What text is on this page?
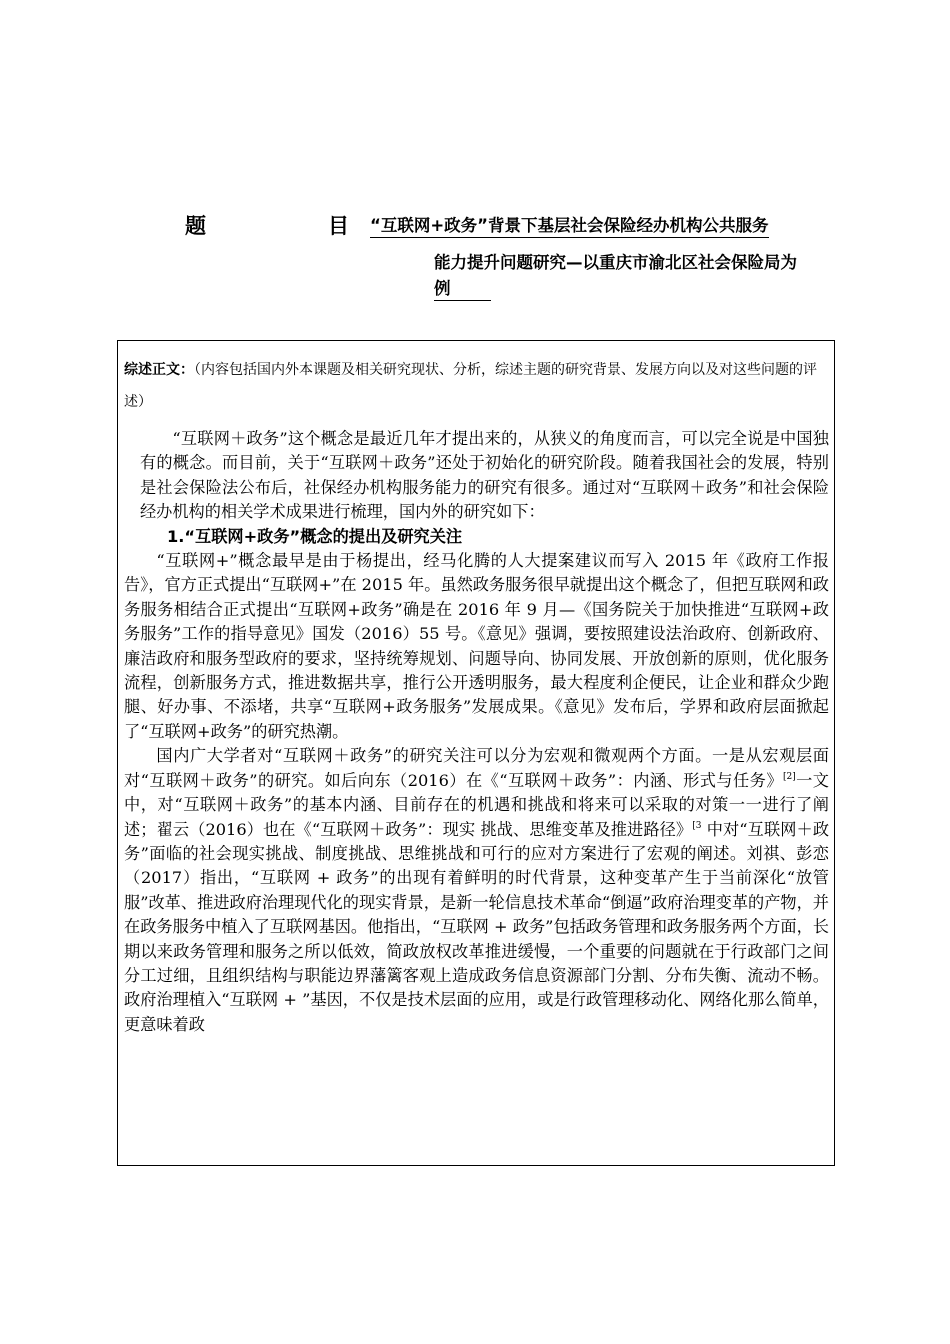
题	目 “互联网+政务”背景下基层社会保险经办机构公共服务
能力提升问题研究—以重庆市渝北区社会保险局为
例
综述正文：（内容包括国内外本课题及相关研究现状、分析，综述主题的研究背景、发展方向以及对这些问题的评述）

“互联网＋政务”这个概念是最近几年才提出来的，从狭义的角度而言，可以完全说是中国独有的概念。而目前，关于“互联网＋政务”还处于初始化的研究阶段。随着我国社会的发展，特别是社会保险法公布后，社保经办机构服务能力的研究有很多。通过对“互联网＋政务”和社会保险经办机构的相关学术成果进行梳理，国内外的研究如下：

1.“互联网+政务”概念的提出及研究关注

“互联网+”概念最早是由于杨提出，经马化腾的人大提案建议而写入 2015 年《政府工作报告》，官方正式提出“互联网+”在 2015 年。虽然政务服务很早就提出这个概念了，但把互联网和政务服务相结合正式提出“互联网+政务”确是在 2016 年 9 月—《国务院关于加快推进“互联网+政务服务”工作的指导意见》国发（2016）55 号。《意见》强调，要按照建设法治政府、创新政府、廉洁政府和服务型政府的要求，坚持统筹规划、问题导向、协同发展、开放创新的原则，优化服务流程，创新服务方式，推进数据共享，推行公开透明服务，最大程度利企便民，让企业和群众少跑腿、好办事、不添堵，共享“互联网+政务服务”发展成果。《意见》发布后，学界和政府层面掀起了“互联网+政务”的研究热潮。

国内广大学者对“互联网＋政务”的研究关注可以分为宏观和微观两个方面。一是从宏观层面对“互联网＋政务”的研究。如后向东（2016）在《“互联网＋政务”：内涵、形式与任务》[2]一文中，对“互联网＋政务”的基本内涵、目前存在的机遇和挑战和将来可以采取的对策一一进行了阐述；翟云（2016）也在《“互联网＋政务”：现实 挑战、思维变革及推进路径》$^{[3}$ 中对“互联网＋政务”面临的社会现实挑战、制度挑战、思维挑战和可行的应对方案进行了宏观的阐述。刘祺、彭恋（2017）指出，“互联网 + 政务”的出现有着鲜明的时代背景，这种变革产生于当前深化“放管服”改革、推进政府治理现代化的现实背景，是新一轮信息技术革命“倒逼”政府治理变革的产物，并在政务服务中植入了互联网基因。他指出，“互联网 + 政务”包括政务管理和政务服务两个方面，长期以来政务管理和服务之所以低效，简政放权改革推进缓慢，一个重要的问题就在于行政部门之间分工过细，且组织结构与职能边界藩篱客观上造成政务信息资源部门分割、分布失衡、流动不畅。政府治理植入“互联网 + ”基因，不仅是技术层面的应用，或是行政管理移动化、网络化那么简单，更意味着政
